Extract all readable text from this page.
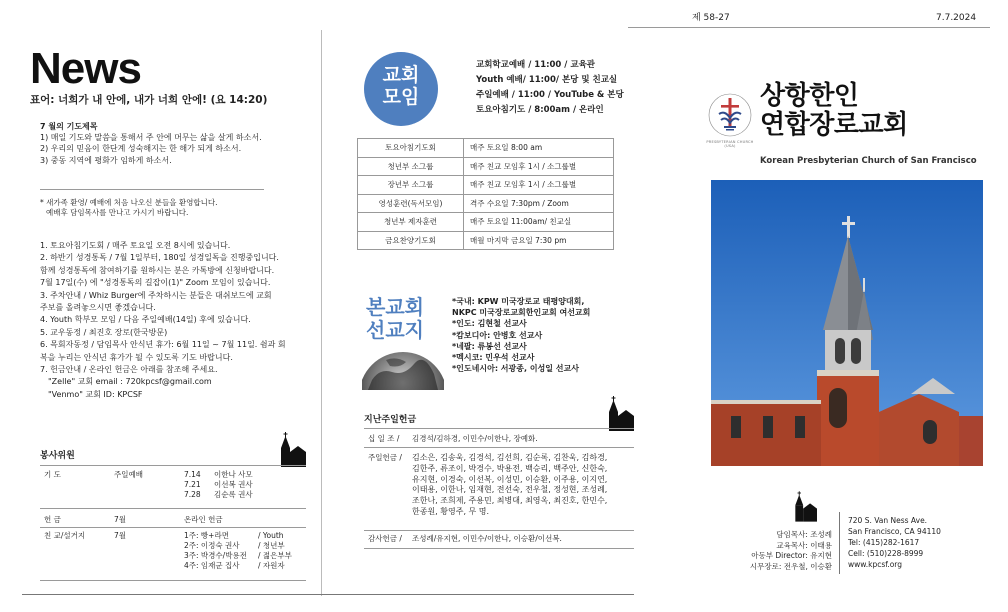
제 58-27	7.7.2024
News
표어: 너희가 내 안에, 내가 너희 안에! (요 14:20)
7 월의 기도제목
1) 매일 기도와 말씀을 통해서 주 안에 머무는 삶을 살게 하소서.
2) 우리의 믿음이 한단계 성숙해지는 한 해가 되게 하소서.
3) 중동 지역에 평화가 임하게 하소서.
* 새가족 환영/ 예배에 처음 나오신 분들을 환영합니다.
예배후 담임목사를 만나고 가시기 바랍니다.
1. 토요아침기도회 / 매주 토요일 오전 8시에 있습니다.
2. 하반기 성경통독 / 7월 1일부터, 180일 성경일독을 진행중입니다.
함께 성경통독에 참여하기를 원하시는 분은 카톡방에 신청바랍니다.
7월 17일(수) 에 "성경통독의 길잡이(1)" Zoom 모임이 있습니다.
3. 주차안내 / Whiz Burger에 주차하시는 분들은 대쉬보드에 교회
주보를 올려놓으시면 좋겠습니다.
4. Youth 학부모 모임 / 다음 주일예배(14일) 후에 있습니다.
5. 교우동정 / 최진호 장로(한국방문)
6. 목회자동정 / 담임목사 안식년 휴가: 6월 11일 ~ 7월 11일. 쉼과 회
복을 누리는 안식년 휴가가 될 수 있도록 기도 바랍니다.
7. 헌금안내 / 온라인 헌금은 아래를 참조해 주세요.
"Zelle" 교회 email : 720kpcsf@gmail.com
"Venmo" 교회 ID: KPCSF
봉사위원
기 도	주일예배	7.14	이한나 사모
		7.21	이선복 권사
		7.28	김순록 권사
헌 금	7월	온라인 헌금
친 교/설거지	7월	1주: 빵+라면	/ Youth
		2주: 이정숙 권사	/ 청년부
		3주: 박경수/박용전	/ 젊은부부
		4주: 임재군 집사	/ 자원자
교회
모임
교회학교예배 / 11:00 / 교육관
Youth 예배/ 11:00/ 본당 및 친교실
주일예배 / 11:00 / YouTube & 본당
토요아침기도 / 8:00am / 온라인
토요아침기도회	매주 토요일 8:00 am
청년부 소그룹	매주 친교 모임후 1시 / 소그룹별
장년부 소그룹	매주 친교 모임후 1시 / 소그룹별
영성훈련(독서모임)	격주 수요일 7:30pm / Zoom
청년부 제자훈련	매주 토요일 11:00am/ 친교실
금요찬양기도회	매월 마지막 금요일 7:30 pm
본교회
선교지
*국내: KPW 미국장로교 태평양대회,
NKPC 미국장로교회한인교회 여선교회
*인도: 김현철 선교사
*캄보디아: 안병호 선교사
*네팔: 류봉선 선교사
*멕시코: 민우석 선교사
*인도네시아: 서광종, 이성일 선교사
지난주일헌금
십 일 조 / 김경석/김하경, 이민수/이한나, 장예화.
주일헌금 / 김소은, 김송욱, 김경석, 김선희, 김순록, 김찬욱, 김하경,
김한주, 류조이, 박경수, 박용전, 백승리, 백주안, 신한숙,
유지현, 이경숙, 이선복, 이성민, 이승환, 이주용, 이지연,
이태용, 이한나, 임재현, 전선숙, 전우철, 정성현, 조성례,
조한나, 조희제, 주용민, 최병대, 최영옥, 최진호, 한민수,
한종원, 황영주, 무 명.
감사헌금 / 조성례/유지현, 이민수/이한나, 이승환/이선복.
PRESBYTERIAN CHURCH (USA)
상항한인
연합장로교회
Korean Presbyterian Church of San Francisco
담임목사: 조성례
교육목사: 이태용
아동부 Director: 유지현
시무장로: 전우철, 이승환
720 S. Van Ness Ave.
San Francisco, CA 94110
Tel: (415)282-1617
Cell: (510)228-8999
www.kpcsf.org
